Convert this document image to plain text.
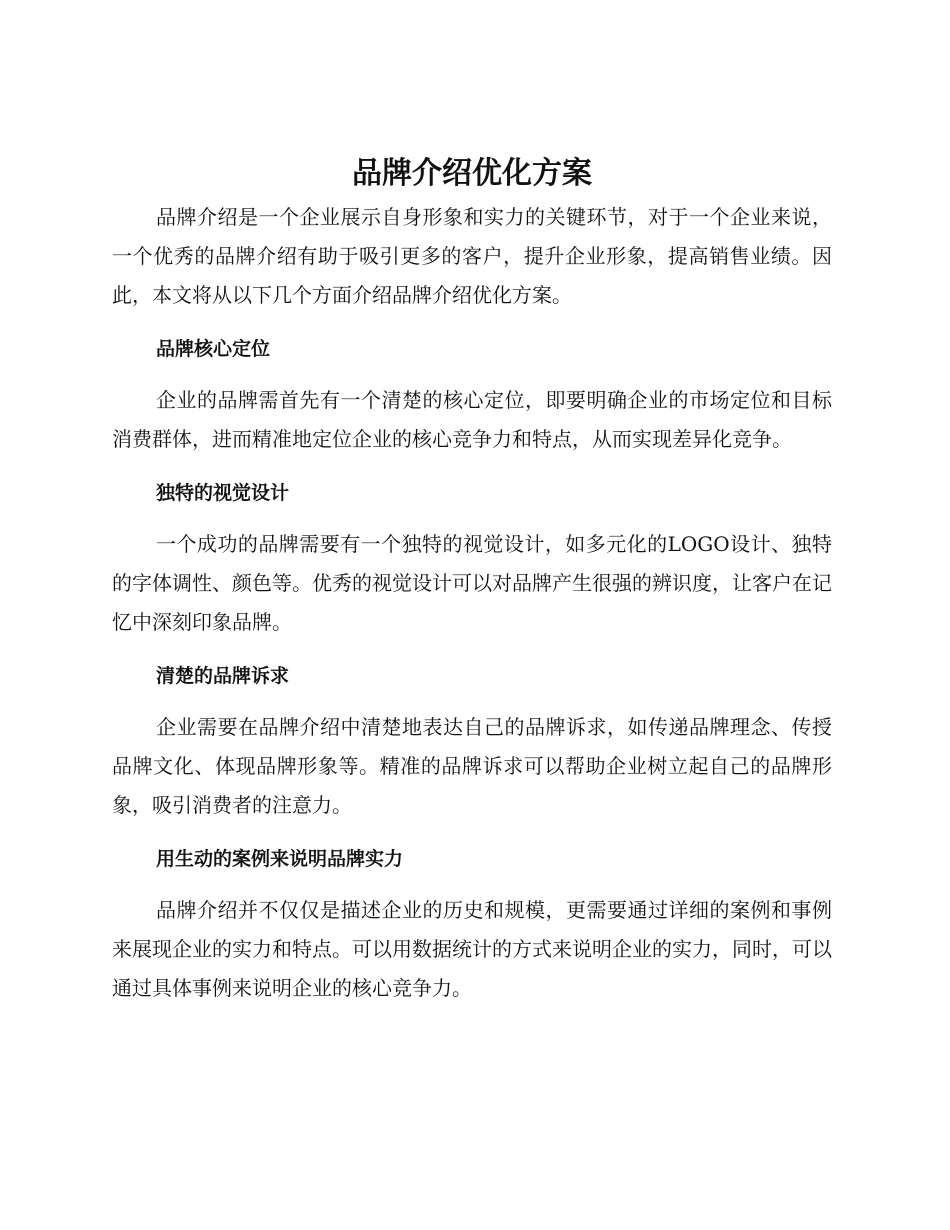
品牌介绍优化方案

品牌介绍是一个企业展示自身形象和实力的关键环节，对于一个企业来说，一个优秀的品牌介绍有助于吸引更多的客户，提升企业形象，提高销售业绩。因此，本文将从以下几个方面介绍品牌介绍优化方案。

品牌核心定位

企业的品牌需首先有一个清楚的核心定位，即要明确企业的市场定位和目标消费群体，进而精准地定位企业的核心竞争力和特点，从而实现差异化竞争。

独特的视觉设计

一个成功的品牌需要有一个独特的视觉设计，如多元化的LOGO设计、独特的字体调性、颜色等。优秀的视觉设计可以对品牌产生很强的辨识度，让客户在记忆中深刻印象品牌。

清楚的品牌诉求

企业需要在品牌介绍中清楚地表达自己的品牌诉求，如传递品牌理念、传授品牌文化、体现品牌形象等。精准的品牌诉求可以帮助企业树立起自己的品牌形象，吸引消费者的注意力。

用生动的案例来说明品牌实力

品牌介绍并不仅仅是描述企业的历史和规模，更需要通过详细的案例和事例来展现企业的实力和特点。可以用数据统计的方式来说明企业的实力，同时，可以通过具体事例来说明企业的核心竞争力。
